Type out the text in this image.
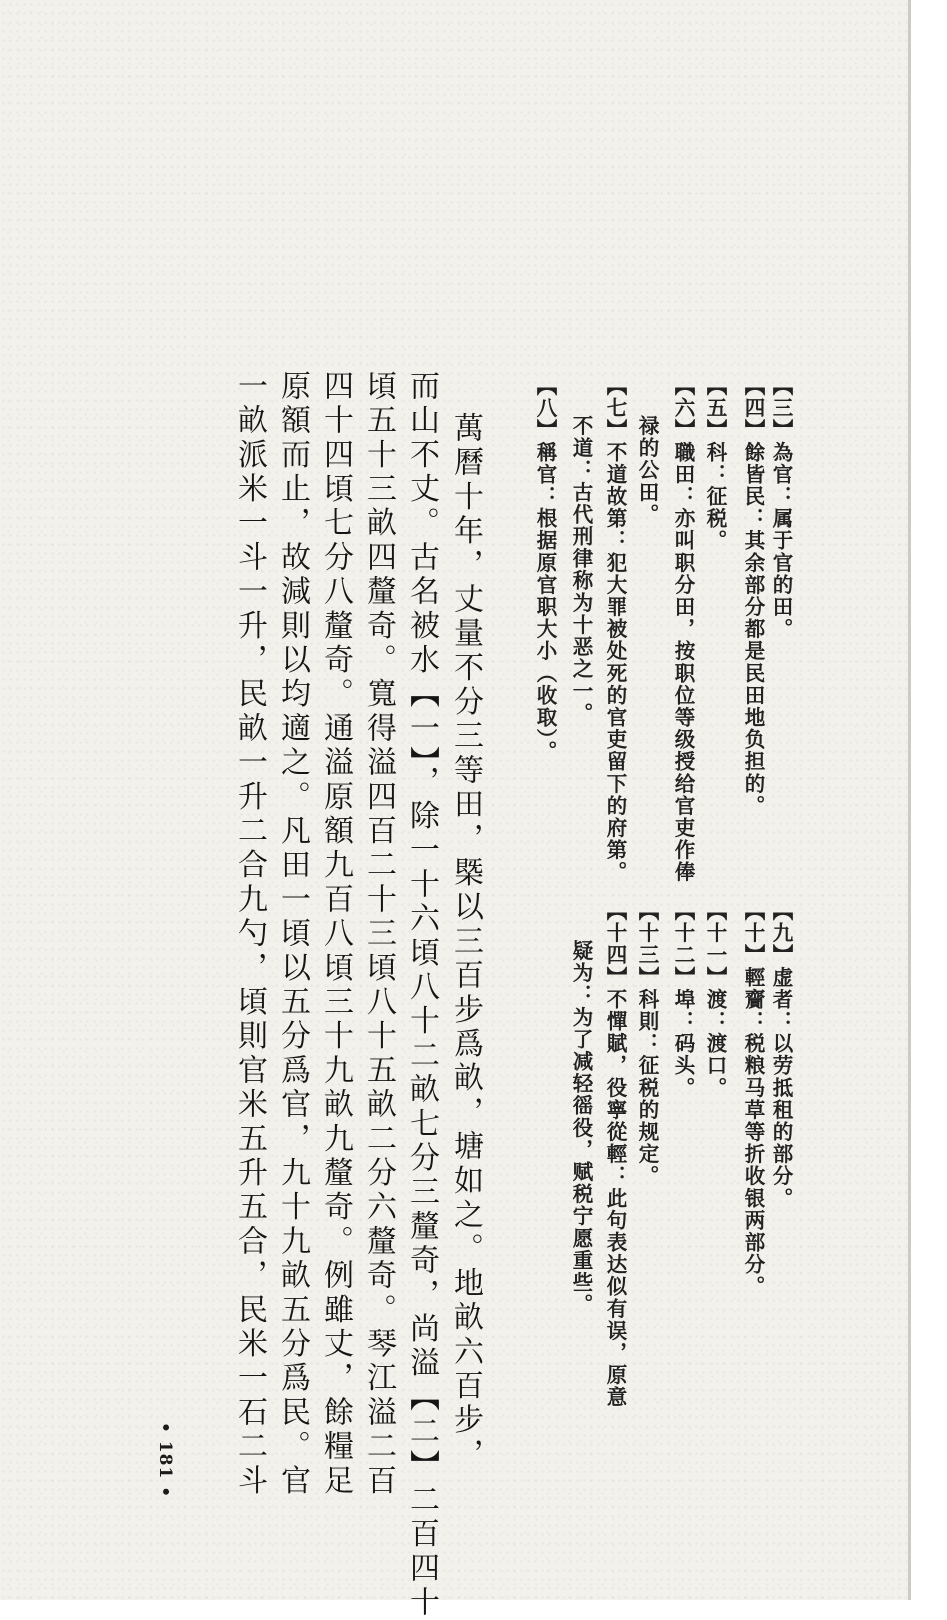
【九】虚者：以劳抵租的部分。

【十】輕齎：税粮马草等折收银两部分。

【十一】渡：渡口。

【十二】埠：码头。

【十三】科則：征税的规定。

【十四】不憚賦，役寧從輕：此句表达似有误，原意

疑为：为了减轻徭役，赋税宁愿重些。

【三】為官：属于官的田。

【四】餘皆民：其余部分都是民田地负担的。

【五】科：征税。

【六】職田：亦叫职分田，按职位等级授给官吏作俸

禄的公田。

【七】不道故第：犯大罪被处死的官吏留下的府第。

不道：古代刑律称为十恶之一。

【八】稱官：根据原官职大小（收取）。

萬曆十年，丈量不分三等田，槩以三百步爲畝，塘如之。地畝六百步，

而山不丈。古名被水【一】，除一十六頃八十二畝七分三釐奇，尚溢【二】二百四十

頃五十三畝四釐奇。寬得溢四百二十三頃八十五畝二分六釐奇。琴江溢二百

四十四頃七分八釐奇。通溢原額九百八頃三十九畝九釐奇。例雖丈，餘糧足

原額而止，故減則以均適之。凡田一頃以五分爲官，九十九畝五分爲民。官

一畝派米一斗一升，民畝一升二合九勺，頃則官米五升五合，民米一石二斗

• 181 •
